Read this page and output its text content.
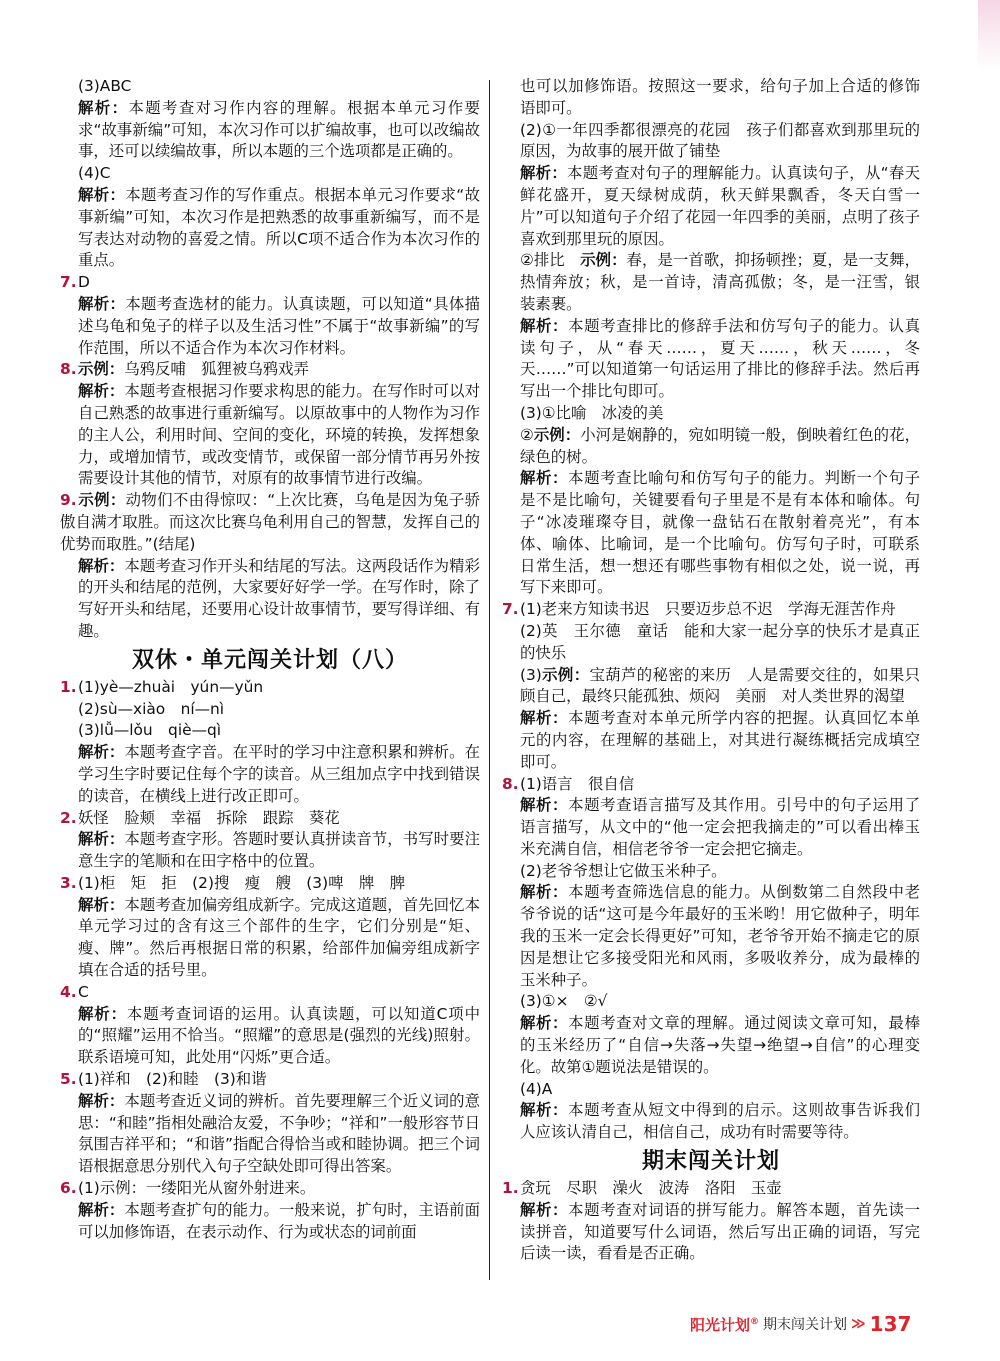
(3)ABC

解析：本题考查对习作内容的理解。根据本单元习作要求“故事新编”可知，本次习作可以扩编故事，也可以改编故事，还可以续编故事，所以本题的三个选项都是正确的。

(4)C

解析：本题考查习作的写作重点。根据本单元习作要求“故事新编”可知，本次习作是把熟悉的故事重新编写，而不是写表达对动物的喜爱之情。所以C项不适合作为本次习作的重点。

7.D

解析：本题考查选材的能力。认真读题，可以知道“具体描述乌龟和兔子的样子以及生活习性”不属于“故事新编”的写作范围，所以不适合作为本次习作材料。

8.示例：乌鸦反哺　狐狸被乌鸦戏弄

解析：本题考查根据习作要求构思的能力。在写作时可以对自己熟悉的故事进行重新编写。以原故事中的人物作为习作的主人公，利用时间、空间的变化，环境的转换，发挥想象力，或增加情节，或改变情节，或保留一部分情节再另外按需要设计其他的情节，对原有的故事情节进行改编。

9.示例：动物们不由得惊叹：“上次比赛，乌龟是因为兔子骄傲自满才取胜。而这次比赛乌龟利用自己的智慧，发挥自己的优势而取胜。”(结尾)

解析：本题考查习作开头和结尾的写法。这两段话作为精彩的开头和结尾的范例，大家要好好学一学。在写作时，除了写好开头和结尾，还要用心设计故事情节，要写得详细、有趣。

双休・单元闯关计划（八）

1.(1)yè—zhuài　yún—yǔn

(2)sù—xiào　ní—nì

(3)lǚ—lǒu　qiè—qì

解析：本题考查字音。在平时的学习中注意积累和辨析。在学习生字时要记住每个字的读音。从三组加点字中找到错误的读音，在横线上进行改正即可。

2.妖怪　脸颊　幸福　拆除　跟踪　葵花

解析：本题考查字形。答题时要认真拼读音节，书写时要注意生字的笔顺和在田字格中的位置。

3.(1)柜　矩　拒　(2)搜　瘦　艘　(3)啤　牌　脾

解析：本题考查加偏旁组成新字。完成这道题，首先回忆本单元学习过的含有这三个部件的生字，它们分别是“矩、瘦、牌”。然后再根据日常的积累，给部件加偏旁组成新字填在合适的括号里。

4.C

解析：本题考查词语的运用。认真读题，可以知道C项中的“照耀”运用不恰当。“照耀”的意思是(强烈的光线)照射。联系语境可知，此处用“闪烁”更合适。

5.(1)祥和　(2)和睦　(3)和谐

解析：本题考查近义词的辨析。首先要理解三个近义词的意思：“和睦”指相处融洽友爱，不争吵；“祥和”一般形容节日氛围吉祥平和；“和谐”指配合得恰当或和睦协调。把三个词语根据意思分别代入句子空缺处即可得出答案。

6.(1)示例：一缕阳光从窗外射进来。

解析：本题考查扩句的能力。一般来说，扩句时，主语前面可以加修饰语，在表示动作、行为或状态的词前面

也可以加修饰语。按照这一要求，给句子加上合适的修饰语即可。

(2)①一年四季都很漂亮的花园　孩子们都喜欢到那里玩的原因，为故事的展开做了铺垫

解析：本题考查对句子的理解能力。认真读句子，从“春天鲜花盛开，夏天绿树成荫，秋天鲜果飘香，冬天白雪一片”可以知道句子介绍了花园一年四季的美丽，点明了孩子喜欢到那里玩的原因。

②排比　示例：春，是一首歌，抑扬顿挫；夏，是一支舞，热情奔放；秋，是一首诗，清高孤傲；冬，是一汪雪，银装素裹。

解析：本题考查排比的修辞手法和仿写句子的能力。认真读句子，从“春天……，夏天……，秋天……，冬天……”可以知道第一句话运用了排比的修辞手法。然后再写出一个排比句即可。

(3)①比喻　冰凌的美

②示例：小河是娴静的，宛如明镜一般，倒映着红色的花，绿色的树。

解析：本题考查比喻句和仿写句子的能力。判断一个句子是不是比喻句，关键要看句子里是不是有本体和喻体。句子“冰凌璀璨夺目，就像一盘钻石在散射着亮光”，有本体、喻体、比喻词，是一个比喻句。仿写句子时，可联系日常生活，想一想还有哪些事物有相似之处，说一说，再写下来即可。

7.(1)老来方知读书迟　只要迈步总不迟　学海无涯苦作舟

(2)英　王尔德　童话　能和大家一起分享的快乐才是真正的快乐

(3)示例：宝葫芦的秘密的来历　人是需要交往的，如果只顾自己，最终只能孤独、烦闷　美丽　对人类世界的渴望

解析：本题考查对本单元所学内容的把握。认真回忆本单元的内容，在理解的基础上，对其进行凝练概括完成填空即可。

8.(1)语言　很自信

解析：本题考查语言描写及其作用。引号中的句子运用了语言描写，从文中的“他一定会把我摘走的”可以看出棒玉米充满自信，相信老爷爷一定会把它摘走。

(2)老爷爷想让它做玉米种子。

解析：本题考查筛选信息的能力。从倒数第二自然段中老爷爷说的话“这可是今年最好的玉米哟！用它做种子，明年我的玉米一定会长得更好”可知，老爷爷开始不摘走它的原因是想让它多接受阳光和风雨，多吸收养分，成为最棒的玉米种子。

(3)①×　②√

解析：本题考查对文章的理解。通过阅读文章可知，最棒的玉米经历了“自信→失落→失望→绝望→自信”的心理变化。故第①题说法是错误的。

(4)A

解析：本题考查从短文中得到的启示。这则故事告诉我们人应该认清自己，相信自己，成功有时需要等待。

期末闯关计划

1.贪玩　尽职　澡火　波涛　洛阳　玉壶

解析：本题考查对词语的拼写能力。解答本题，首先读一读拼音，知道要写什么词语，然后写出正确的词语，写完后读一读，看看是否正确。

阳光计划® 期末闯关计划 ≫ 137
